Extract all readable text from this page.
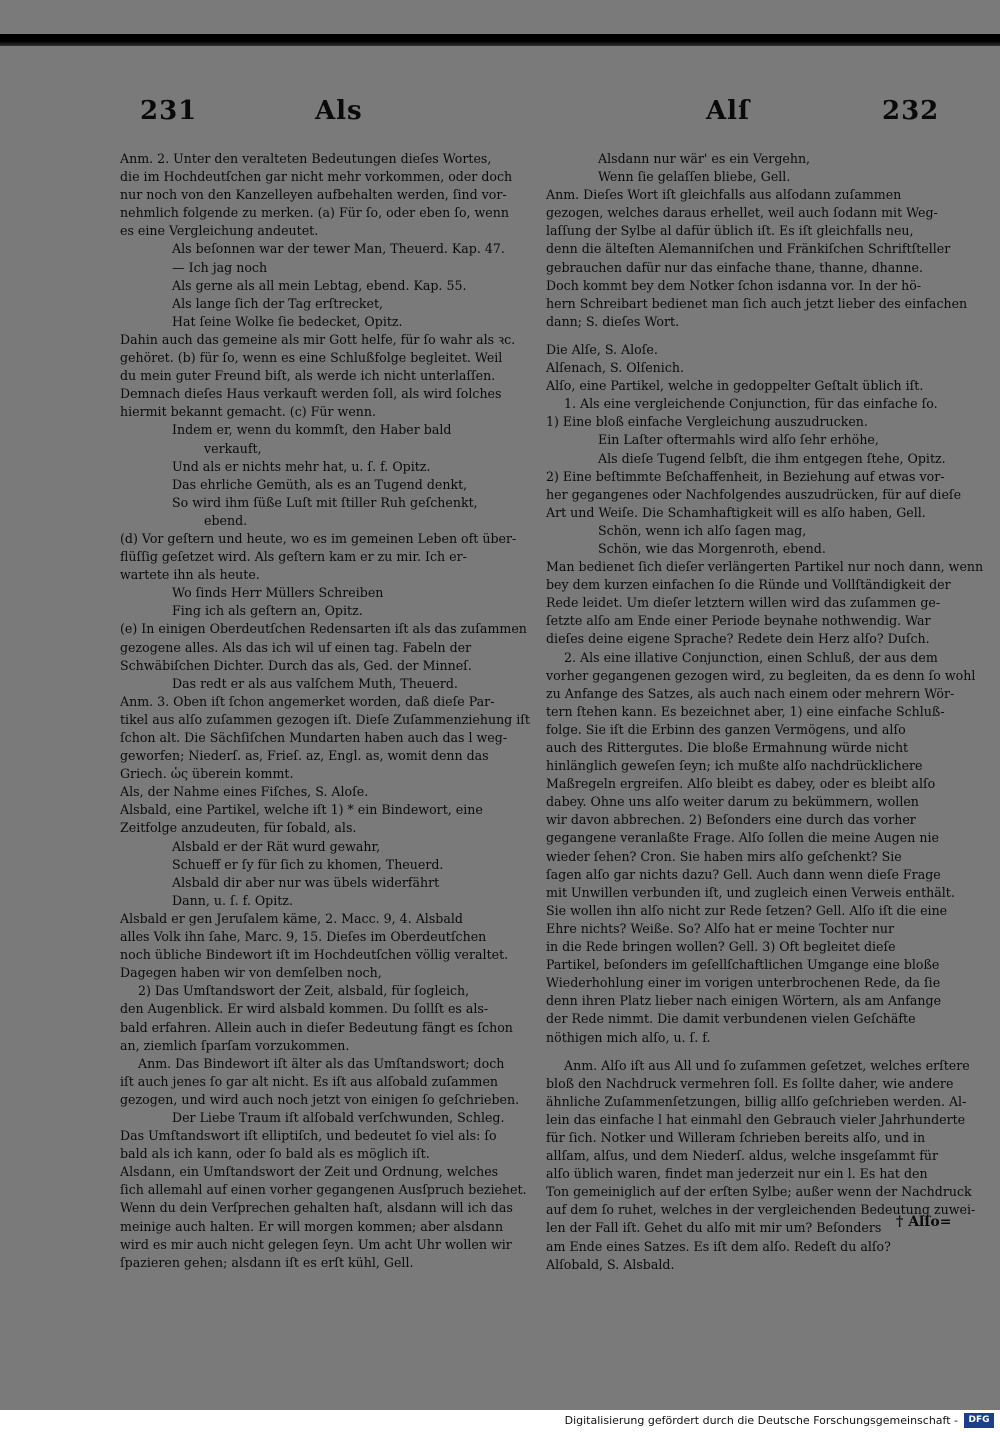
231	Als	Alſ	232

Anm. 2. Unter den veralteten Bedeutungen dieſes Wortes,

die im Hochdeutſchen gar nicht mehr vorkommen, oder doch

nur noch von den Kanzelleyen aufbehalten werden, ſind vor-

nehmlich folgende zu merken. (a) Für ſo, oder eben ſo, wenn

es eine Vergleichung andeutet.

Als beſonnen war der tewer Man, Theuerd. Kap. 47.

— Ich jag noch

Als gerne als all mein Lebtag, ebend. Kap. 55.

Als lange ſich der Tag erſtrecket,

Hat ſeine Wolke ſie bedecket, Opitz.

Dahin auch das gemeine als mir Gott helfe, für ſo wahr als ꝛc.

gehöret. (b) für ſo, wenn es eine Schlußfolge begleitet. Weil

du mein guter Freund biſt, als werde ich nicht unterlaſſen.

Demnach dieſes Haus verkauft werden ſoll, als wird ſolches

hiermit bekannt gemacht. (c) Für wenn.

Indem er, wenn du kommſt, den Haber bald

verkauft,

Und als er nichts mehr hat, u. ſ. f. Opitz.

Das ehrliche Gemüth, als es an Tugend denkt,

So wird ihm ſüße Luſt mit ſtiller Ruh geſchenkt,

ebend.

(d) Vor geſtern und heute, wo es im gemeinen Leben oft über-

flüſſig geſetzet wird. Als geſtern kam er zu mir. Ich er-

wartete ihn als heute.

Wo ſinds Herr Müllers Schreiben

Fing ich als geſtern an, Opitz.

(e) In einigen Oberdeutſchen Redensarten iſt als das zuſammen

gezogene alles. Als das ich wil uf einen tag. Fabeln der

Schwäbiſchen Dichter. Durch das als, Ged. der Minneſ.

Das redt er als aus valſchem Muth, Theuerd.

Anm. 3. Oben iſt ſchon angemerket worden, daß dieſe Par-

tikel aus alſo zuſammen gezogen iſt. Dieſe Zuſammenziehung iſt

ſchon alt. Die Sächſiſchen Mundarten haben auch das l weg-

geworfen; Niederſ. as, Frieſ. az, Engl. as, womit denn das

Griech. ὡς überein kommt.

Als, der Nahme eines Fiſches, S. Aloſe.

Alsbald, eine Partikel, welche iſt 1) * ein Bindewort, eine

Zeitfolge anzudeuten, für ſobald, als.

Alsbald er der Rät wurd gewahr,

Schueff er ſy für ſich zu khomen, Theuerd.

Alsbald dir aber nur was übels widerfährt

Dann, u. ſ. f. Opitz.

Alsbald er gen Jeruſalem käme, 2. Macc. 9, 4. Alsbald

alles Volk ihn ſahe, Marc. 9, 15. Dieſes im Oberdeutſchen

noch übliche Bindewort iſt im Hochdeutſchen völlig veraltet.

Dagegen haben wir von demſelben noch,

2) Das Umſtandswort der Zeit, alsbald, für ſogleich,

den Augenblick. Er wird alsbald kommen. Du ſollſt es als-

bald erfahren. Allein auch in dieſer Bedeutung fängt es ſchon

an, ziemlich ſparſam vorzukommen.

Anm. Das Bindewort iſt älter als das Umſtandswort; doch

iſt auch jenes ſo gar alt nicht. Es iſt aus alſobald zuſammen

gezogen, und wird auch noch jetzt von einigen ſo geſchrieben.

Der Liebe Traum iſt alſobald verſchwunden, Schleg.

Das Umſtandswort iſt elliptiſch, und bedeutet ſo viel als: ſo

bald als ich kann, oder ſo bald als es möglich iſt.

Alsdann, ein Umſtandswort der Zeit und Ordnung, welches

ſich allemahl auf einen vorher gegangenen Ausſpruch beziehet.

Wenn du dein Verſprechen gehalten haſt, alsdann will ich das

meinige auch halten. Er will morgen kommen; aber alsdann

wird es mir auch nicht gelegen ſeyn. Um acht Uhr wollen wir

ſpazieren gehen; alsdann iſt es erſt kühl, Gell.

Alsdann nur wär' es ein Vergehn,

Wenn ſie gelaſſen bliebe, Gell.

Anm. Dieſes Wort iſt gleichfalls aus alſodann zuſammen

gezogen, welches daraus erhellet, weil auch ſodann mit Weg-

laſſung der Sylbe al dafür üblich iſt. Es iſt gleichfalls neu,

denn die älteſten Alemanniſchen und Fränkiſchen Schriftſteller

gebrauchen dafür nur das einfache thane, thanne, dhanne.

Doch kommt bey dem Notker ſchon isdanna vor. In der hö-

hern Schreibart bedienet man ſich auch jetzt lieber des einfachen

dann; S. dieſes Wort.

Die Alſe, S. Aloſe.

Alſenach, S. Olſenich.

Alſo, eine Partikel, welche in gedoppelter Geſtalt üblich iſt.

1. Als eine vergleichende Conjunction, für das einfache ſo.

1) Eine bloß einfache Vergleichung auszudrucken.

Ein Laſter oftermahls wird alſo ſehr erhöhe,

Als dieſe Tugend ſelbſt, die ihm entgegen ſtehe, Opitz.

2) Eine beſtimmte Beſchaffenheit, in Beziehung auf etwas vor-

her gegangenes oder Nachfolgendes auszudrücken, für auf dieſe

Art und Weiſe. Die Schamhaftigkeit will es alſo haben, Gell.

Schön, wenn ich alſo ſagen mag,

Schön, wie das Morgenroth, ebend.

Man bedienet ſich dieſer verlängerten Partikel nur noch dann, wenn

bey dem kurzen einfachen ſo die Ründe und Vollſtändigkeit der

Rede leidet. Um dieſer letztern willen wird das zuſammen ge-

ſetzte alſo am Ende einer Periode beynahe nothwendig. War

dieſes deine eigene Sprache? Redete dein Herz alſo? Duſch.

2. Als eine illative Conjunction, einen Schluß, der aus dem

vorher gegangenen gezogen wird, zu begleiten, da es denn ſo wohl

zu Anfange des Satzes, als auch nach einem oder mehrern Wör-

tern ſtehen kann. Es bezeichnet aber, 1) eine einfache Schluß-

folge. Sie iſt die Erbinn des ganzen Vermögens, und alſo

auch des Rittergutes. Die bloße Ermahnung würde nicht

hinlänglich geweſen ſeyn; ich mußte alſo nachdrücklichere

Maßregeln ergreifen. Alſo bleibt es dabey, oder es bleibt alſo

dabey. Ohne uns alſo weiter darum zu bekümmern, wollen

wir davon abbrechen. 2) Beſonders eine durch das vorher

gegangene veranlaßte Frage. Alſo ſollen die meine Augen nie

wieder ſehen? Cron. Sie haben mirs alſo geſchenkt? Sie

ſagen alſo gar nichts dazu? Gell. Auch dann wenn dieſe Frage

mit Unwillen verbunden iſt, und zugleich einen Verweis enthält.

Sie wollen ihn alſo nicht zur Rede ſetzen? Gell. Alſo iſt die eine

Ehre nichts? Weiße. So? Alſo hat er meine Tochter nur

in die Rede bringen wollen? Gell. 3) Oft begleitet dieſe

Partikel, beſonders im geſellſchaftlichen Umgange eine bloße

Wiederhohlung einer im vorigen unterbrochenen Rede, da ſie

denn ihren Platz lieber nach einigen Wörtern, als am Anfange

der Rede nimmt. Die damit verbundenen vielen Geſchäfte

nöthigen mich alſo, u. ſ. f.

Anm. Alſo iſt aus All und ſo zuſammen geſetzet, welches erſtere

bloß den Nachdruck vermehren ſoll. Es ſollte daher, wie andere

ähnliche Zuſammenſetzungen, billig allſo geſchrieben werden. Al-

lein das einfache l hat einmahl den Gebrauch vieler Jahrhunderte

für ſich. Notker und Willeram ſchrieben bereits alſo, und in

allſam, alſus, und dem Niederſ. aldus, welche insgeſammt für

alſo üblich waren, findet man jederzeit nur ein l. Es hat den

Ton gemeiniglich auf der erſten Sylbe; außer wenn der Nachdruck

auf dem ſo ruhet, welches in der vergleichenden Bedeutung zuwei-

len der Fall iſt. Gehet du alſo mit mir um? Beſonders

am Ende eines Satzes. Es iſt dem alſo. Redeſt du alſo?

Alſobald, S. Alsbald.

† Alſo=
Digitalisierung gefördert durch die Deutsche Forschungsgemeinschaft -	DFG
